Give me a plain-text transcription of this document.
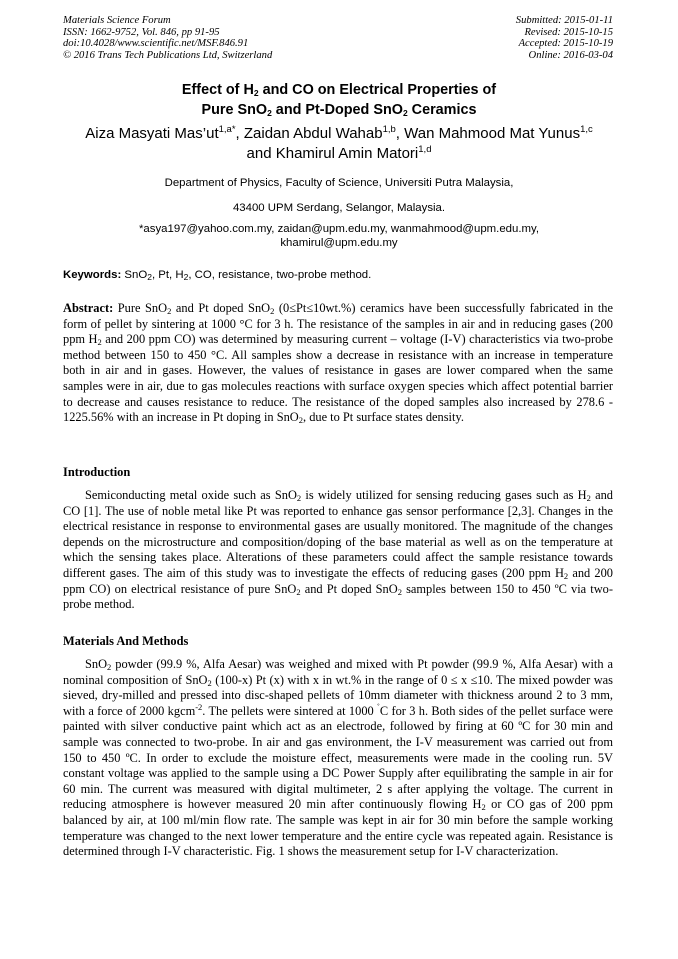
Materials Science Forum
ISSN: 1662-9752, Vol. 846, pp 91-95
doi:10.4028/www.scientific.net/MSF.846.91
© 2016 Trans Tech Publications Ltd, Switzerland
Submitted: 2015-01-11
Revised: 2015-10-15
Accepted: 2015-10-19
Online: 2016-03-04
Effect of $H_2$ and CO on Electrical Properties of
Pure SnO$_2$ and Pt-Doped SnO$_2$ Ceramics
Aiza Masyati $Mas’ut^{1,a*}$, Zaidan Abdul Wahab$^{1,b}$, Wan Mahmood Mat Yunus$^{1,c}$
and Khamirul Amin Matori$^{1,d}$
Department of Physics, Faculty of Science, Universiti Putra Malaysia,
43400 UPM Serdang, Selangor, Malaysia.
*asya197@yahoo.com.my, zaidan@upm.edu.my, wanmahmood@upm.edu.my,
khamirul@upm.edu.my
Keywords: SnO$_2$, Pt, $H_2$, CO, resistance, two-probe method.
Abstract: Pure SnO$_2$ and Pt doped SnO$_2$ (0≤Pt≤10wt.%) ceramics have been successfully fabricated in the form of pellet by sintering at 1000 °C for 3 h. The resistance of the samples in air and in reducing gases (200 ppm $H_2$ and 200 ppm CO) was determined by measuring current – voltage (I-V) characteristics via two-probe method between 150 to 450 °C. All samples show a decrease in resistance with an increase in temperature both in air and in gases. However, the values of resistance in gases are lower compared when the same samples were in air, due to gas molecules reactions with surface oxygen species which affect potential barrier to decrease and causes resistance to reduce. The resistance of the doped samples also increased by 278.6 - 1225.56% with an increase in Pt doping in SnO$_2$, due to Pt surface states density.
Introduction

Semiconducting metal oxide such as SnO$_2$ is widely utilized for sensing reducing gases such as $H_2$ and CO [1]. The use of noble metal like Pt was reported to enhance gas sensor performance [2,3]. Changes in the electrical resistance in response to environmental gases are usually monitored. The magnitude of the changes depends on the microstructure and composition/doping of the base material as well as on the temperature at which the sensing takes place. Alterations of these parameters could affect the sample resistance towards different gases. The aim of this study was to investigate the effects of reducing gases (200 ppm $H_2$ and 200 ppm CO) on electrical resistance of pure SnO$_2$ and Pt doped SnO$_2$ samples between 150 to 450 ºC via two-probe method.

Materials And Methods

SnO$_2$ powder (99.9 %, Alfa Aesar) was weighed and mixed with Pt powder (99.9 %, Alfa Aesar) with a nominal composition of SnO$_2$ (100-x) Pt (x) with x in wt.% in the range of 0 ≤ x ≤10. The mixed powder was sieved, dry-milled and pressed into disc-shaped pellets of 10mm diameter with thickness around 2 to 3 mm, with a force of 2000 kgcm$^{-2}$. The pellets were sintered at 1000 ˚C for 3 h. Both sides of the pellet surface were painted with silver conductive paint which act as an electrode, followed by firing at 60 ºC for 30 min and sample was connected to two-probe. In air and gas environment, the I-V measurement was carried out from 150 to 450 ºC. In order to exclude the moisture effect, measurements were made in the cooling run. 5V constant voltage was applied to the sample using a DC Power Supply after equilibrating the sample in air for 60 min. The current was measured with digital multimeter, 2 s after applying the voltage. The current in reducing atmosphere is however measured 20 min after continuously flowing $H_2$ or CO gas of 200 ppm balanced by air, at 100 ml/min flow rate. The sample was kept in air for 30 min before the sample working temperature was changed to the next lower temperature and the entire cycle was repeated again. Resistance is determined through I-V characteristic. Fig. 1 shows the measurement setup for I-V characterization.
